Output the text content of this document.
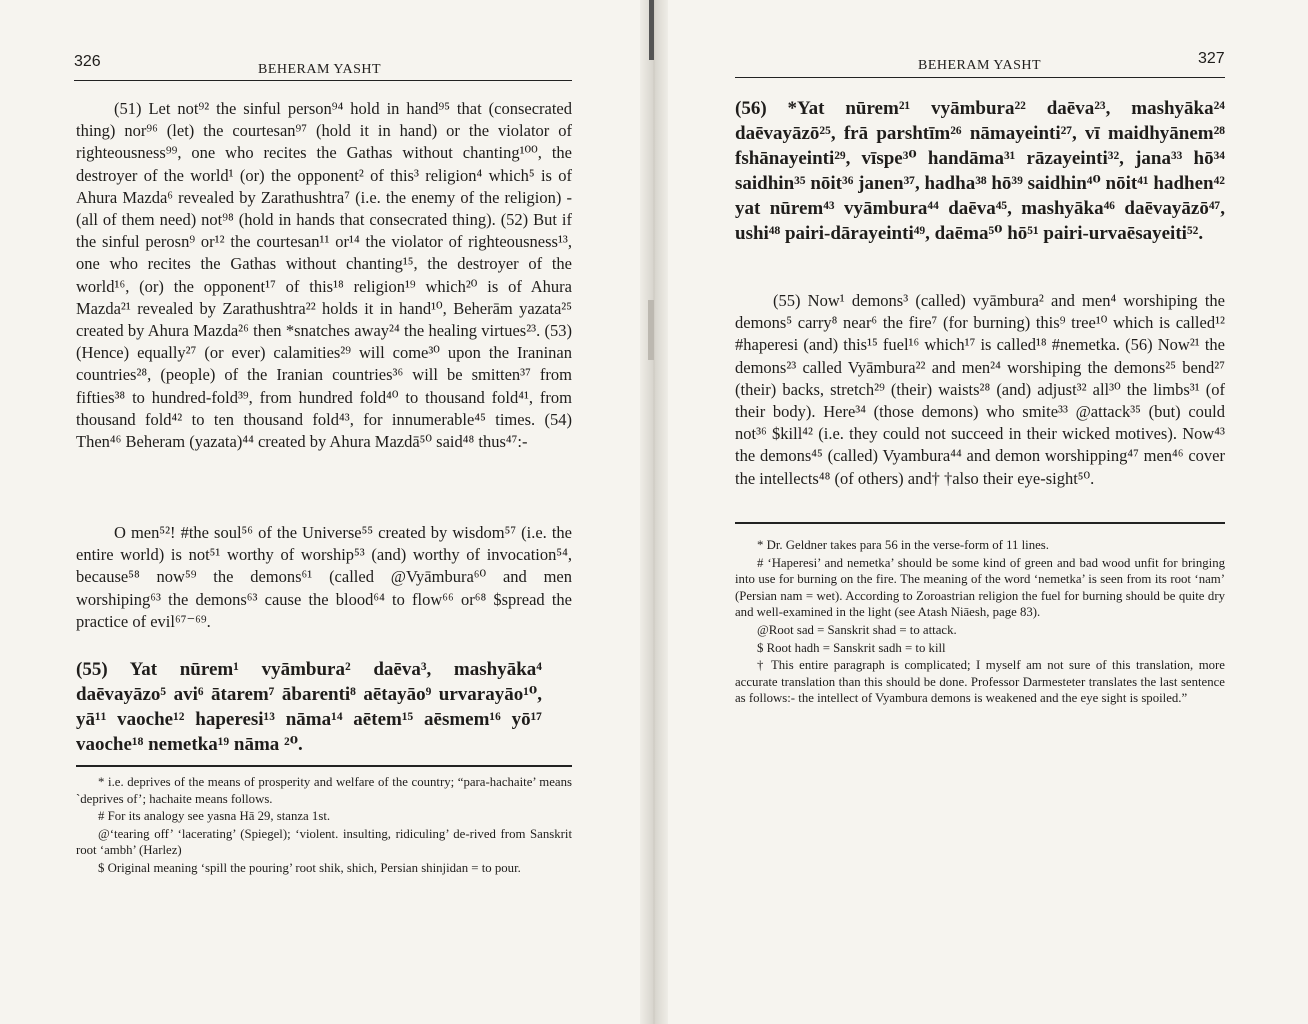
326	BEHERAM YASHT

(51) Let not⁹² the sinful person⁹⁴ hold in hand⁹⁵ that (consecrated thing) nor⁹⁶ (let) the courtesan⁹⁷ (hold it in hand) or the violator of righteousness⁹⁹, one who recites the Gathas without chanting¹⁰⁰, the destroyer of the world¹ (or) the opponent² of this³ religion⁴ which⁵ is of Ahura Mazda⁶ revealed by Zarathushtra⁷ (i.e. the enemy of the religion) - (all of them need) not⁹⁸ (hold in hands that consecrated thing). (52) But if the sinful perosn⁹ or¹² the courtesan¹¹ or¹⁴ the violator of righteousness¹³, one who recites the Gathas without chanting¹⁵, the destroyer of the world¹⁶, (or) the opponent¹⁷ of this¹⁸ religion¹⁹ which²⁰ is of Ahura Mazda²¹ revealed by Zarathushtra²² holds it in hand¹⁰, Beherām yazata²⁵ created by Ahura Mazda²⁶ then *snatches away²⁴ the healing virtues²³. (53) (Hence) equally²⁷ (or ever) calamities²⁹ will come³⁰ upon the Iraninan countries²⁸, (people) of the Iranian countries³⁶ will be smitten³⁷ from fifties³⁸ to hundred-fold³⁹, from hundred fold⁴⁰ to thousand fold⁴¹, from thousand fold⁴² to ten thousand fold⁴³, for innumerable⁴⁵ times. (54) Then⁴⁶ Beheram (yazata)⁴⁴ created by Ahura Mazdā⁵⁰ said⁴⁸ thus⁴⁷:-

O men⁵²! #the soul⁵⁶ of the Universe⁵⁵ created by wisdom⁵⁷ (i.e. the entire world) is not⁵¹ worthy of worship⁵³ (and) worthy of invocation⁵⁴, because⁵⁸ now⁵⁹ the demons⁶¹ (called @Vyāmbura⁶⁰ and men worshiping⁶³ the demons⁶³ cause the blood⁶⁴ to flow⁶⁶ or⁶⁸ $spread the practice of evil⁶⁷⁻⁶⁹.

(55) Yat nūrem¹ vyāmbura² daēva³, mashyāka⁴ daēvayāzo⁵ avi⁶ ātarem⁷ ābarenti⁸ aētayāo⁹ urvarayāo¹⁰, yā¹¹ vaoche¹² haperesi¹³ nāma¹⁴ aētem¹⁵ aēsmem¹⁶ yō¹⁷ vaoche¹⁸ nemetka¹⁹ nāma ²⁰.

* i.e. deprives of the means of prosperity and welfare of the country; “para-hachaite’ means `deprives of’; hachaite means follows.

# For its analogy see yasna Hā 29, stanza 1st.

@‘tearing off’ ‘lacerating’ (Spiegel); ‘violent. insulting, ridiculing’ de-rived from Sanskrit root ‘ambh’ (Harlez)

$ Original meaning ‘spill the pouring’ root shik, shich, Persian shinjidan = to pour.

327
BEHERAM YASHT
(56) *Yat nūrem²¹ vyāmbura²² daēva²³, mashyāka²⁴ daēvayāzō²⁵, frā parshtīm²⁶ nāmayeinti²⁷, vī maidhyānem²⁸ fshānayeinti²⁹, vīspe³⁰ handāma³¹ rāzayeinti³², jana³³ hō³⁴ saidhin³⁵ nōit³⁶ janen³⁷, hadha³⁸ hō³⁹ saidhin⁴⁰ nōit⁴¹ hadhen⁴² yat nūrem⁴³ vyāmbura⁴⁴ daēva⁴⁵, mashyāka⁴⁶ daēvayāzō⁴⁷, ushi⁴⁸ pairi-dārayeinti⁴⁹, daēma⁵⁰ hō⁵¹ pairi-urvaēsayeiti⁵².

(55) Now¹ demons³ (called) vyāmbura² and men⁴ worshiping the demons⁵ carry⁸ near⁶ the fire⁷ (for burning) this⁹ tree¹⁰ which is called¹² #haperesi (and) this¹⁵ fuel¹⁶ which¹⁷ is called¹⁸ #nemetka. (56) Now²¹ the demons²³ called Vyāmbura²² and men²⁴ worshiping the demons²⁵ bend²⁷ (their) backs, stretch²⁹ (their) waists²⁸ (and) adjust³² all³⁰ the limbs³¹ (of their body). Here³⁴ (those demons) who smite³³ @attack³⁵ (but) could not³⁶ $kill⁴² (i.e. they could not succeed in their wicked motives). Now⁴³ the demons⁴⁵ (called) Vyambura⁴⁴ and demon worshipping⁴⁷ men⁴⁶ cover the intellects⁴⁸ (of others) and† †also their eye-sight⁵⁰.

* Dr. Geldner takes para 56 in the verse-form of 11 lines.

# ‘Haperesi’ and nemetka’ should be some kind of green and bad wood unfit for bringing into use for burning on the fire. The meaning of the word ‘nemetka’ is seen from its root ‘nam’ (Persian nam = wet). According to Zoroastrian religion the fuel for burning should be quite dry and well-examined in the light (see Atash Niāesh, page 83).

@Root sad = Sanskrit shad = to attack.

$ Root hadh = Sanskrit sadh = to kill

† This entire paragraph is complicated; I myself am not sure of this translation, more accurate translation than this should be done. Professor Darmesteter translates the last sentence as follows:- the intellect of Vyambura demons is weakened and the eye sight is spoiled.”
